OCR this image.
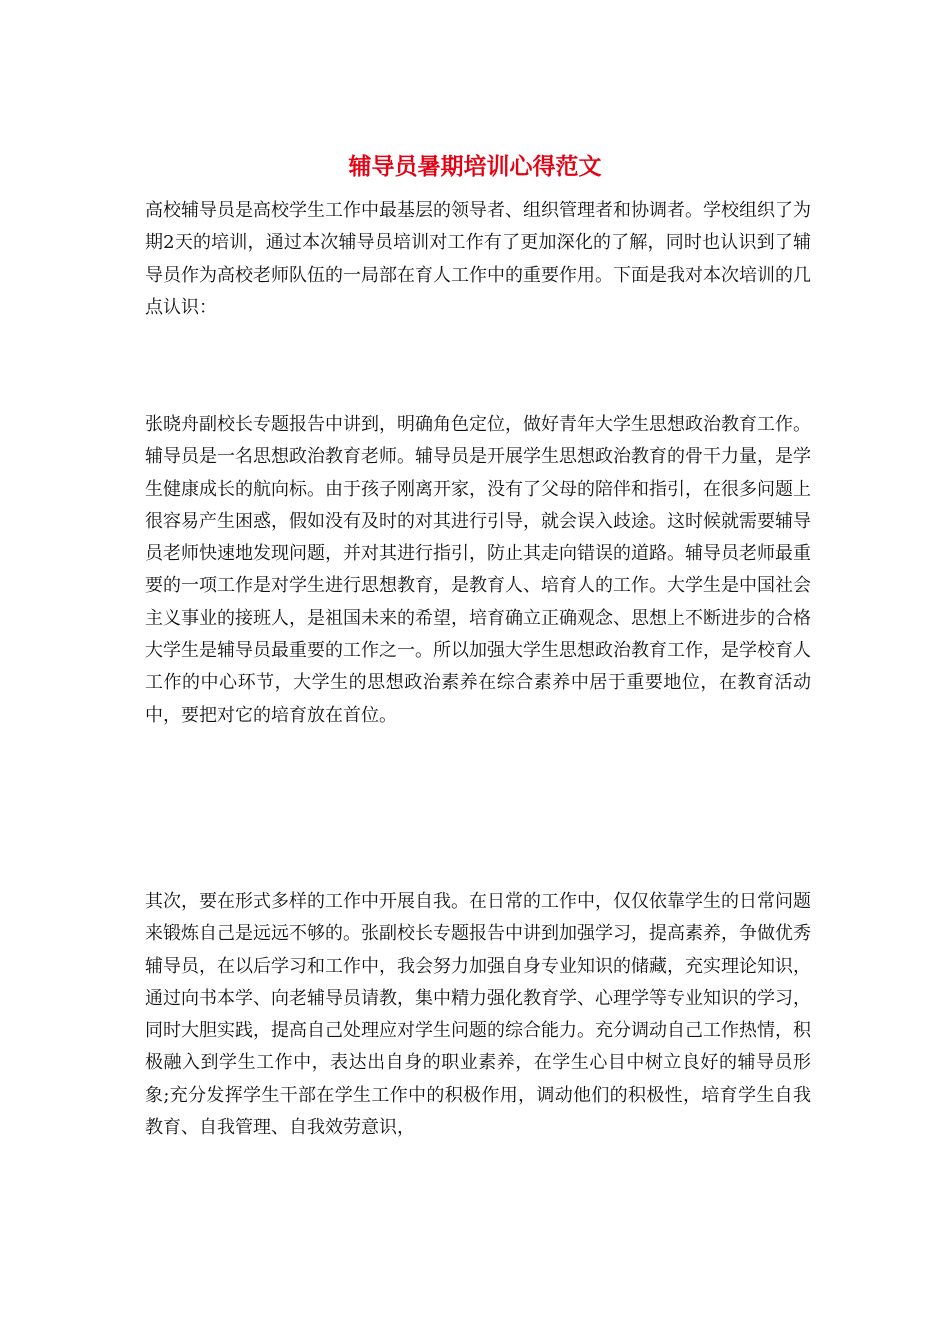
辅导员暑期培训心得范文

高校辅导员是高校学生工作中最基层的领导者、组织管理者和协调者。学校组织了为期2天的培训，通过本次辅导员培训对工作有了更加深化的了解，同时也认识到了辅导员作为高校老师队伍的一局部在育人工作中的重要作用。下面是我对本次培训的几点认识：

张晓舟副校长专题报告中讲到，明确角色定位，做好青年大学生思想政治教育工作。辅导员是一名思想政治教育老师。辅导员是开展学生思想政治教育的骨干力量，是学生健康成长的航向标。由于孩子刚离开家，没有了父母的陪伴和指引，在很多问题上很容易产生困惑，假如没有及时的对其进行引导，就会误入歧途。这时候就需要辅导员老师快速地发现问题，并对其进行指引，防止其走向错误的道路。辅导员老师最重要的一项工作是对学生进行思想教育，是教育人、培育人的工作。大学生是中国社会主义事业的接班人，是祖国未来的希望，培育确立正确观念、思想上不断进步的合格大学生是辅导员最重要的工作之一。所以加强大学生思想政治教育工作，是学校育人工作的中心环节，大学生的思想政治素养在综合素养中居于重要地位，在教育活动中，要把对它的培育放在首位。

其次，要在形式多样的工作中开展自我。在日常的工作中，仅仅依靠学生的日常问题来锻炼自己是远远不够的。张副校长专题报告中讲到加强学习，提高素养，争做优秀辅导员，在以后学习和工作中，我会努力加强自身专业知识的储藏，充实理论知识，通过向书本学、向老辅导员请教，集中精力强化教育学、心理学等专业知识的学习，同时大胆实践，提高自己处理应对学生问题的综合能力。充分调动自己工作热情，积极融入到学生工作中，表达出自身的职业素养，在学生心目中树立良好的辅导员形象;充分发挥学生干部在学生工作中的积极作用，调动他们的积极性，培育学生自我教育、自我管理、自我效劳意识，
